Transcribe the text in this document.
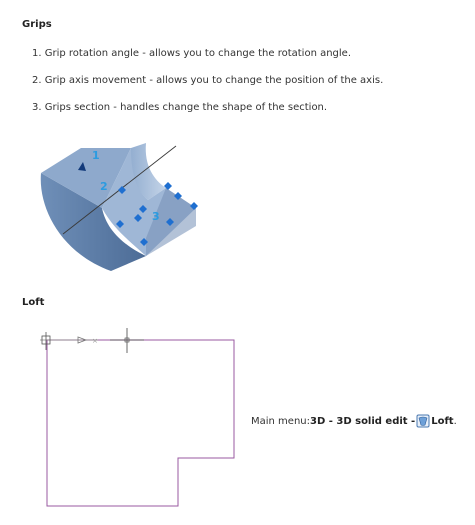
Grips
1. Grip rotation angle - allows you to change the rotation angle.
2. Grip axis movement - allows you to change the position of the axis.
3. Grips section - handles change the shape of the section.
1
2
3
Loft
×
Main menu: 3D - 3D solid edit - Loft .
